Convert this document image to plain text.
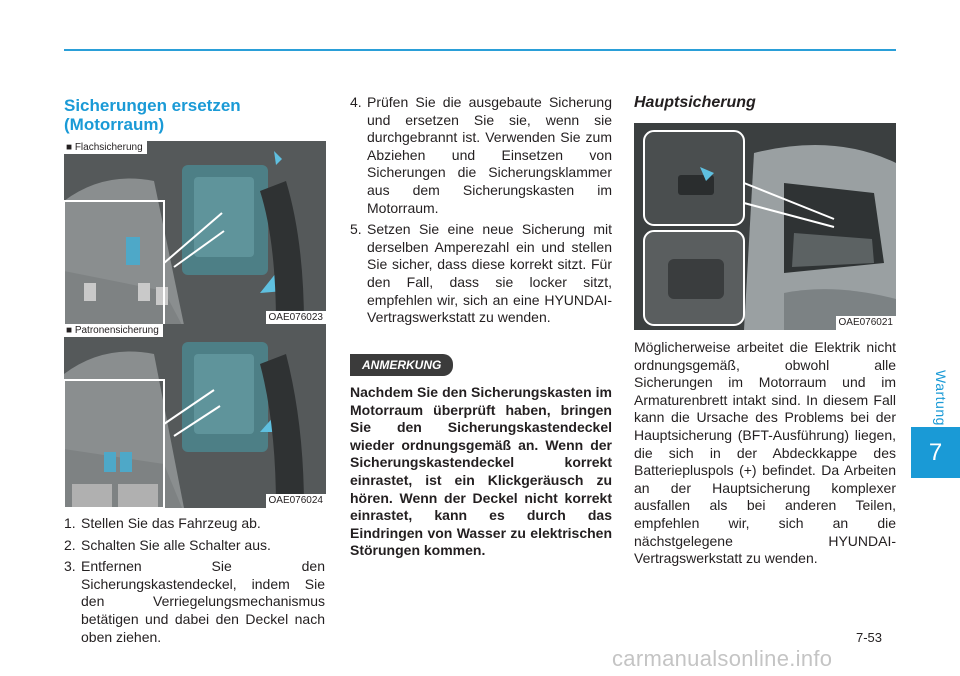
Wartung
7
Sicherungen ersetzen
(Motorraum)
■ Flachsicherung
OAE076023
■ Patronensicherung
OAE076024
1. Stellen Sie das Fahrzeug ab.
2. Schalten Sie alle Schalter aus.
3. Entfernen Sie den Sicherungskastendeckel, indem Sie den Verriegelungsmechanismus betätigen und dabei den Deckel nach oben ziehen.
4. Prüfen Sie die ausgebaute Sicherung und ersetzen Sie sie, wenn sie durchgebrannt ist. Verwenden Sie zum Abziehen und Einsetzen von Sicherungen die Sicherungsklammer aus dem Sicherungskasten im Motorraum.
5. Setzen Sie eine neue Sicherung mit derselben Amperezahl ein und stellen Sie sicher, dass diese korrekt sitzt. Für den Fall, dass sie locker sitzt, empfehlen wir, sich an eine HYUNDAI-Vertragswerkstatt zu wenden.
ANMERKUNG
Nachdem Sie den Sicherungskasten im Motorraum überprüft haben, bringen Sie den Sicherungskastendeckel wieder ordnungsgemäß an. Wenn der Sicherungskastendeckel korrekt einrastet, ist ein Klickgeräusch zu hören. Wenn der Deckel nicht korrekt einrastet, kann es durch das Eindringen von Wasser zu elektrischen Störungen kommen.
Hauptsicherung
OAE076021
Möglicherweise arbeitet die Elektrik nicht ordnungsgemäß, obwohl alle Sicherungen im Motorraum und im Armaturenbrett intakt sind. In diesem Fall kann die Ursache des Problems bei der Hauptsicherung (BFT-Ausführung) liegen, die sich in der Abdeckkappe des Batteriepluspols (+) befindet. Da Arbeiten an der Hauptsicherung komplexer ausfallen als bei anderen Teilen, empfehlen wir, sich an die nächstgelegene HYUNDAI-Vertragswerkstatt zu wenden.
7-53
carmanualsonline.info
